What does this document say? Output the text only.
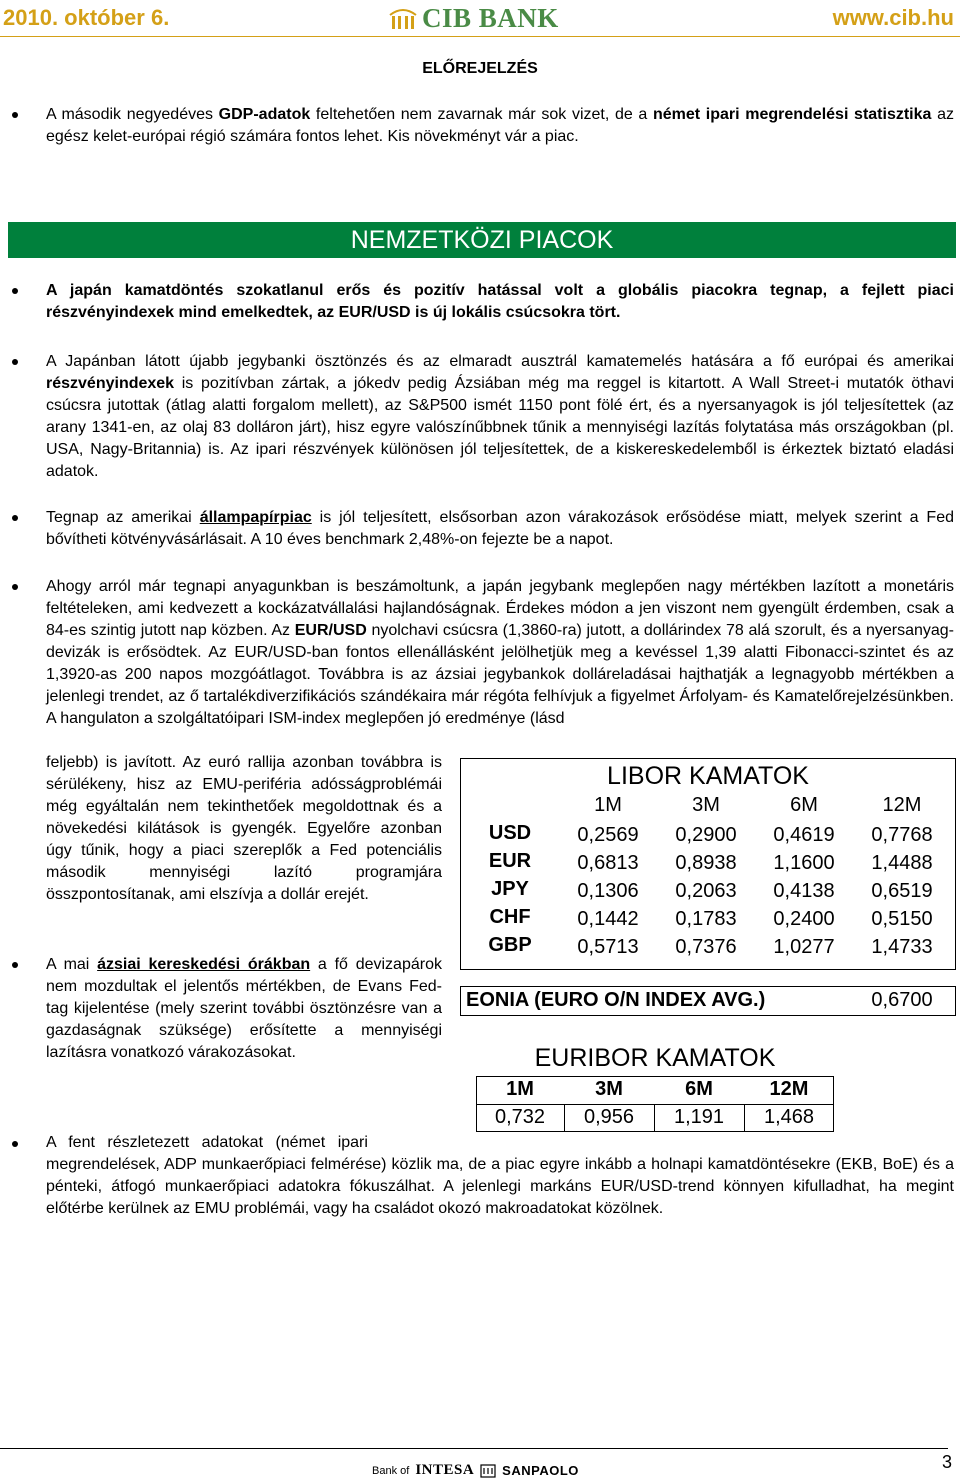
2010. október 6.	CIB BANK	www.cib.hu
ELŐREJELZÉS
A második negyedéves GDP-adatok feltehetően nem zavarnak már sok vizet, de a német ipari megrendelési statisztika az egész kelet-európai régió számára fontos lehet. Kis növekményt vár a piac.
NEMZETKÖZI PIACOK
A japán kamatdöntés szokatlanul erős és pozitív hatással volt a globális piacokra tegnap, a fejlett piaci részvényindexek mind emelkedtek, az EUR/USD is új lokális csúcsokra tört.
A Japánban látott újabb jegybanki ösztönzés és az elmaradt ausztrál kamatemelés hatására a fő európai és amerikai részvényindexek is pozitívban zártak, a jókedv pedig Ázsiában még ma reggel is kitartott. A Wall Street-i mutatók öthavi csúcsra jutottak (átlag alatti forgalom mellett), az S&P500 ismét 1150 pont fölé ért, és a nyersanyagok is jól teljesítettek (az arany 1341-en, az olaj 83 dolláron járt), hisz egyre valószínűbbnek tűnik a mennyiségi lazítás folytatása más országokban (pl. USA, Nagy-Britannia) is. Az ipari részvények különösen jól teljesítettek, de a kiskereskedelemből is érkeztek biztató eladási adatok.
Tegnap az amerikai állampapírpiac is jól teljesített, elsősorban azon várakozások erősödése miatt, melyek szerint a Fed bővítheti kötvényvásárlásait. A 10 éves benchmark 2,48%-on fejezte be a napot.
Ahogy arról már tegnapi anyagunkban is beszámoltunk, a japán jegybank meglepően nagy mértékben lazított a monetáris feltételeken, ami kedvezett a kockázatvállalási hajlandóságnak. Érdekes módon a jen viszont nem gyengült érdemben, csak a 84-es szintig jutott nap közben. Az EUR/USD nyolchavi csúcsra (1,3860-ra) jutott, a dollárindex 78 alá szorult, és a nyersanyag-devizák is erősödtek. Az EUR/USD-ban fontos ellenállásként jelölhetjük meg a kevéssel 1,39 alatti Fibonacci-szintet és az 1,3920-as 200 napos mozgóátlagot. Továbbra is az ázsiai jegybankok dolláreladásai hajthatják a legnagyobb mértékben a jelenlegi trendet, az ő tartalékdiverzifikációs szándékaira már régóta felhívjuk a figyelmet Árfolyam- és Kamatelőrejelzésünkben. A hangulaton a szolgáltatóipari ISM-index meglepően jó eredménye (lásd
feljebb) is javított. Az euró rallija azonban továbbra is sérülékeny, hisz az EMU-periféria adósságproblémái még egyáltalán nem tekinthetőek megoldottnak és a növekedési kilátások is gyengék. Egyelőre azonban úgy tűnik, hogy a piaci szereplők a Fed potenciális második mennyiségi lazító programjára összpontosítanak, ami elszívja a dollár erejét.
A mai ázsiai kereskedési órákban a fő devizapárok nem mozdultak el jelentős mértékben, de Evans Fed-tag kijelentése (mely szerint további ösztönzésre van a gazdaságnak szüksége) erősítette a mennyiségi lazításra vonatkozó várakozásokat.
A fent részletezett adatokat (német ipari
megrendelések, ADP munkaerőpiaci felmérése) közlik ma, de a piac egyre inkább a holnapi kamatdöntésekre (EKB, BoE) és a pénteki, átfogó munkaerőpiaci adatokra fókuszálhat. A jelenlegi markáns EUR/USD-trend könnyen kifulladhat, ha megint előtérbe kerülnek az EMU problémái, vagy ha családot okozó makroadatokat közölnek.
LIBOR KAMATOK
1M	3M	6M	12M
USD	0,2569	0,2900	0,4619	0,7768
EUR	0,6813	0,8938	1,1600	1,4488
JPY	0,1306	0,2063	0,4138	0,6519
CHF	0,1442	0,1783	0,2400	0,5150
GBP	0,5713	0,7376	1,0277	1,4733
EONIA (EURO O/N INDEX AVG.)	0,6700
EURIBOR KAMATOK
1M	3M	6M	12M
0,732	0,956	1,191	1,468
Bank of INTESA SANPAOLO	3
